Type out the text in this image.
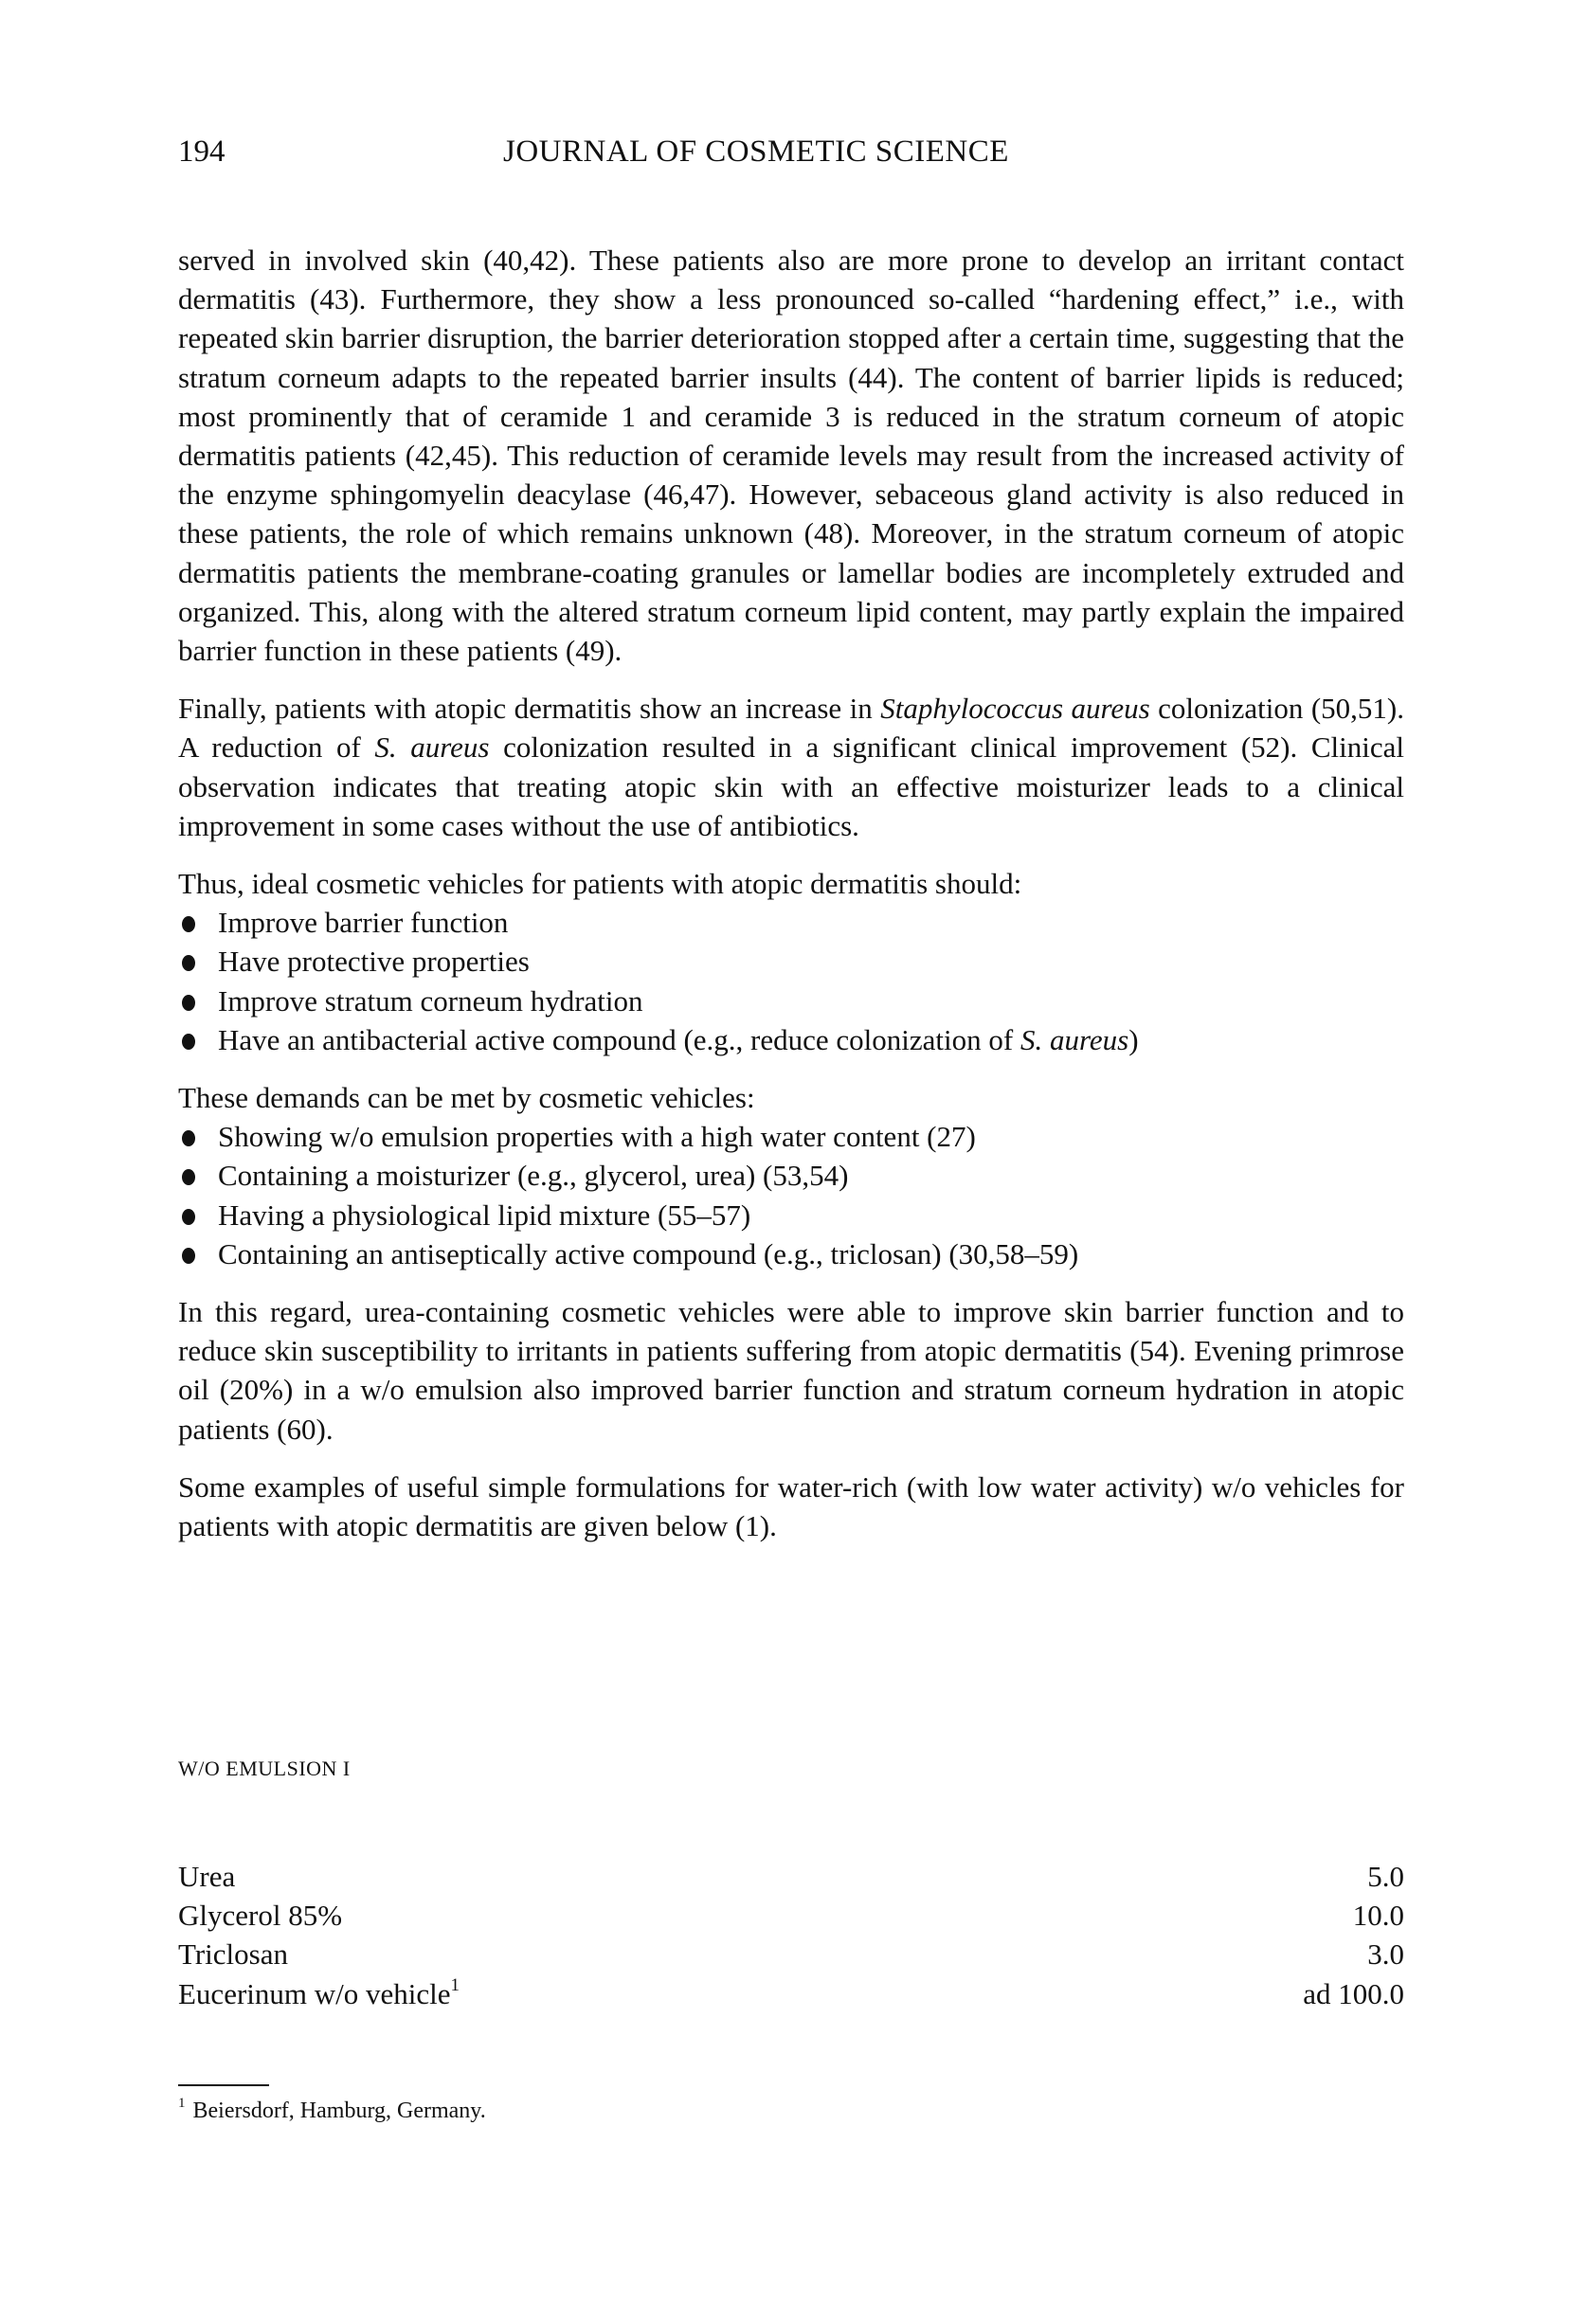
194	JOURNAL OF COSMETIC SCIENCE

served in involved skin (40,42). These patients also are more prone to develop an irritant contact dermatitis (43). Furthermore, they show a less pronounced so-called “hardening effect,” i.e., with repeated skin barrier disruption, the barrier deterioration stopped after a certain time, suggesting that the stratum corneum adapts to the repeated barrier insults (44). The content of barrier lipids is reduced; most prominently that of ceramide 1 and ceramide 3 is reduced in the stratum corneum of atopic dermatitis patients (42,45). This reduction of ceramide levels may result from the increased activity of the enzyme sphingomyelin deacylase (46,47). However, sebaceous gland activity is also reduced in these patients, the role of which remains unknown (48). Moreover, in the stratum corneum of atopic dermatitis patients the membrane-coating granules or lamellar bodies are incompletely extruded and organized. This, along with the altered stratum corneum lipid content, may partly explain the impaired barrier function in these patients (49).

Finally, patients with atopic dermatitis show an increase in Staphylococcus aureus colonization (50,51). A reduction of S. aureus colonization resulted in a significant clinical improvement (52). Clinical observation indicates that treating atopic skin with an effective moisturizer leads to a clinical improvement in some cases without the use of antibiotics.

Thus, ideal cosmetic vehicles for patients with atopic dermatitis should:

Improve barrier function
Have protective properties
Improve stratum corneum hydration
Have an antibacterial active compound (e.g., reduce colonization of S. aureus)

These demands can be met by cosmetic vehicles:

Showing w/o emulsion properties with a high water content (27)
Containing a moisturizer (e.g., glycerol, urea) (53,54)
Having a physiological lipid mixture (55–57)
Containing an antiseptically active compound (e.g., triclosan) (30,58–59)

In this regard, urea-containing cosmetic vehicles were able to improve skin barrier function and to reduce skin susceptibility to irritants in patients suffering from atopic dermatitis (54). Evening primrose oil (20%) in a w/o emulsion also improved barrier function and stratum corneum hydration in atopic patients (60).

Some examples of useful simple formulations for water-rich (with low water activity) w/o vehicles for patients with atopic dermatitis are given below (1).

W/O EMULSION I
Urea	5.0
Glycerol 85%	10.0
Triclosan	3.0
Eucerinum w/o vehicle$^1$	ad 100.0
$^1$ Beiersdorf, Hamburg, Germany.
